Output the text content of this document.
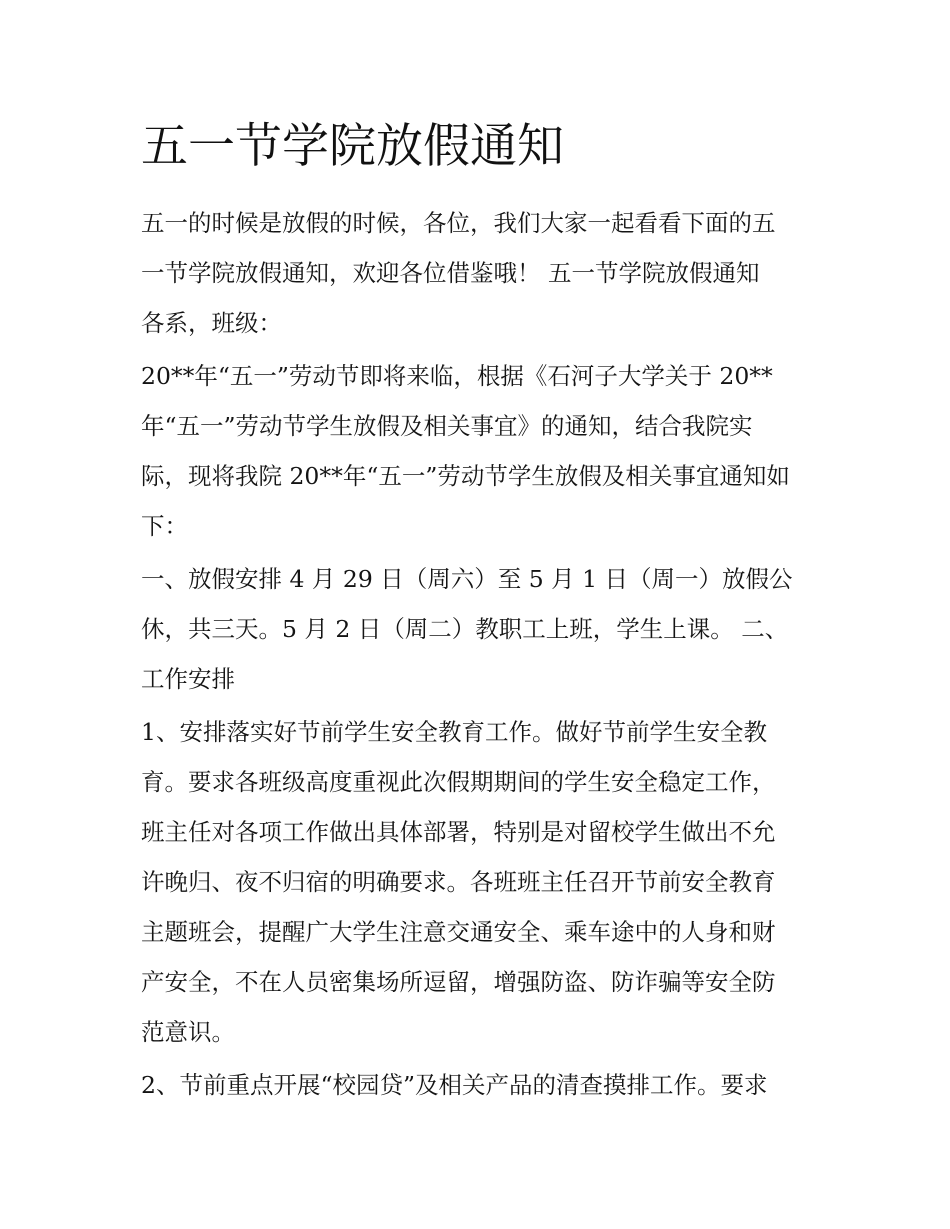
五一节学院放假通知

五一的时候是放假的时候，各位，我们大家一起看看下面的五

一节学院放假通知，欢迎各位借鉴哦！ 五一节学院放假通知

各系，班级：

20**年“五一”劳动节即将来临，根据《石河子大学关于 20**

年“五一”劳动节学生放假及相关事宜》的通知，结合我院实

际，现将我院 20**年“五一”劳动节学生放假及相关事宜通知如

下：

一、放假安排 4 月 29 日（周六）至 5 月 1 日（周一）放假公

休，共三天。5 月 2 日（周二）教职工上班，学生上课。 二、

工作安排

1、安排落实好节前学生安全教育工作。做好节前学生安全教

育。要求各班级高度重视此次假期期间的学生安全稳定工作，

班主任对各项工作做出具体部署，特别是对留校学生做出不允

许晚归、夜不归宿的明确要求。各班班主任召开节前安全教育

主题班会，提醒广大学生注意交通安全、乘车途中的人身和财

产安全，不在人员密集场所逗留，增强防盗、防诈骗等安全防

范意识。

2、节前重点开展“校园贷”及相关产品的清查摸排工作。要求
